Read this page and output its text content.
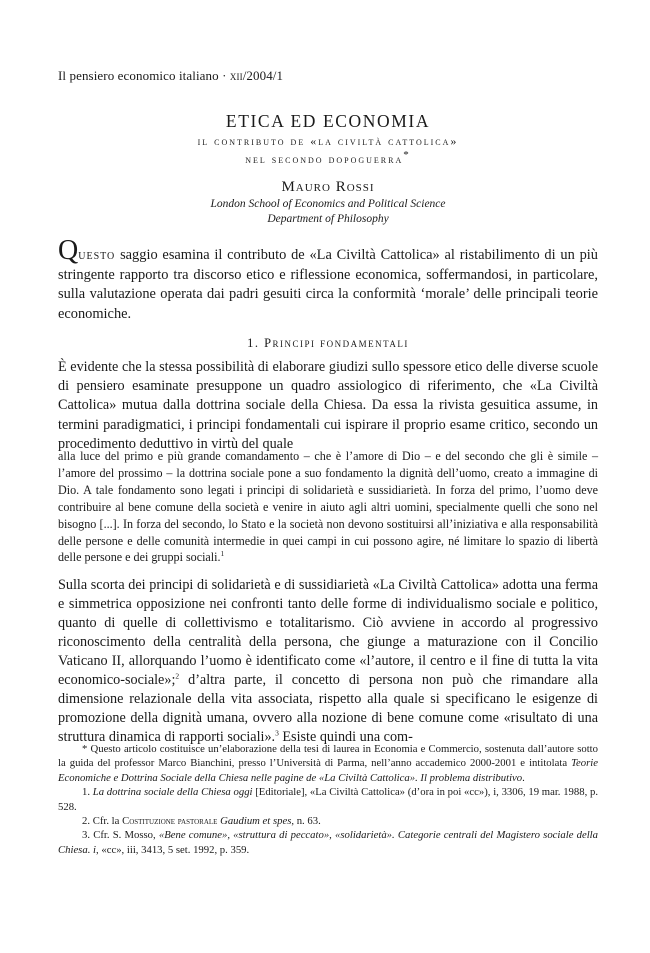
Il pensiero economico italiano · xii/2004/1
ETICA ED ECONOMIA
il contributo de «la civiltà cattolica»
nel secondo dopoguerra*
Mauro Rossi
London School of Economics and Political Science
Department of Philosophy
Questo saggio esamina il contributo de «La Civiltà Cattolica» al ristabilimento di un più stringente rapporto tra discorso etico e riflessione economica, soffermandosi, in particolare, sulla valutazione operata dai padri gesuiti circa la conformità ‘morale’ delle principali teorie economiche.
1. Principi fondamentali
È evidente che la stessa possibilità di elaborare giudizi sullo spessore etico delle diverse scuole di pensiero esaminate presuppone un quadro assiologico di riferimento, che «La Civiltà Cattolica» mutua dalla dottrina sociale della Chiesa. Da essa la rivista gesuitica assume, in termini paradigmatici, i principi fondamentali cui ispirare il proprio esame critico, secondo un procedimento deduttivo in virtù del quale
alla luce del primo e più grande comandamento – che è l’amore di Dio – e del secondo che gli è simile – l’amore del prossimo – la dottrina sociale pone a suo fondamento la dignità dell’uomo, creato a immagine di Dio. A tale fondamento sono legati i principi di solidarietà e sussidiarietà. In forza del primo, l’uomo deve contribuire al bene comune della società e venire in aiuto agli altri uomini, specialmente quelli che sono nel bisogno [...]. In forza del secondo, lo Stato e la società non devono sostituirsi all’iniziativa e alla responsabilità delle persone e delle comunità intermedie in quei campi in cui possono agire, né limitare lo spazio di libertà delle persone e dei gruppi sociali.$^1$
Sulla scorta dei principi di solidarietà e di sussidiarietà «La Civiltà Cattolica» adotta una ferma e simmetrica opposizione nei confronti tanto delle forme di individualismo sociale e politico, quanto di quelle di collettivismo e totalitarismo. Ciò avviene in accordo al progressivo riconoscimento della centralità della persona, che giunge a maturazione con il Concilio Vaticano II, allorquando l’uomo è identificato come «l’autore, il centro e il fine di tutta la vita economico-sociale»;$^2$ d’altra parte, il concetto di persona non può che rimandare alla dimensione relazionale della vita associata, rispetto alla quale si specificano le esigenze di promozione della dignità umana, ovvero alla nozione di bene comune come «risultato di una struttura dinamica di rapporti sociali».$^3$ Esiste quindi una com-

* Questo articolo costituisce un’elaborazione della tesi di laurea in Economia e Commercio, sostenuta dall’autore sotto la guida del professor Marco Bianchini, presso l’Università di Parma, nell’anno accademico 2000-2001 e intitolata Teorie Economiche e Dottrina Sociale della Chiesa nelle pagine de «La Civiltà Cattolica». Il problema distributivo.

1. La dottrina sociale della Chiesa oggi [Editoriale], «La Civiltà Cattolica» (d’ora in poi «cc»), i, 3306, 19 mar. 1988, p. 528.

2. Cfr. la Costituzione pastorale Gaudium et spes, n. 63.

3. Cfr. S. Mosso, «Bene comune», «struttura di peccato», «solidarietà». Categorie centrali del Magistero sociale della Chiesa. i, «cc», iii, 3413, 5 set. 1992, p. 359.
